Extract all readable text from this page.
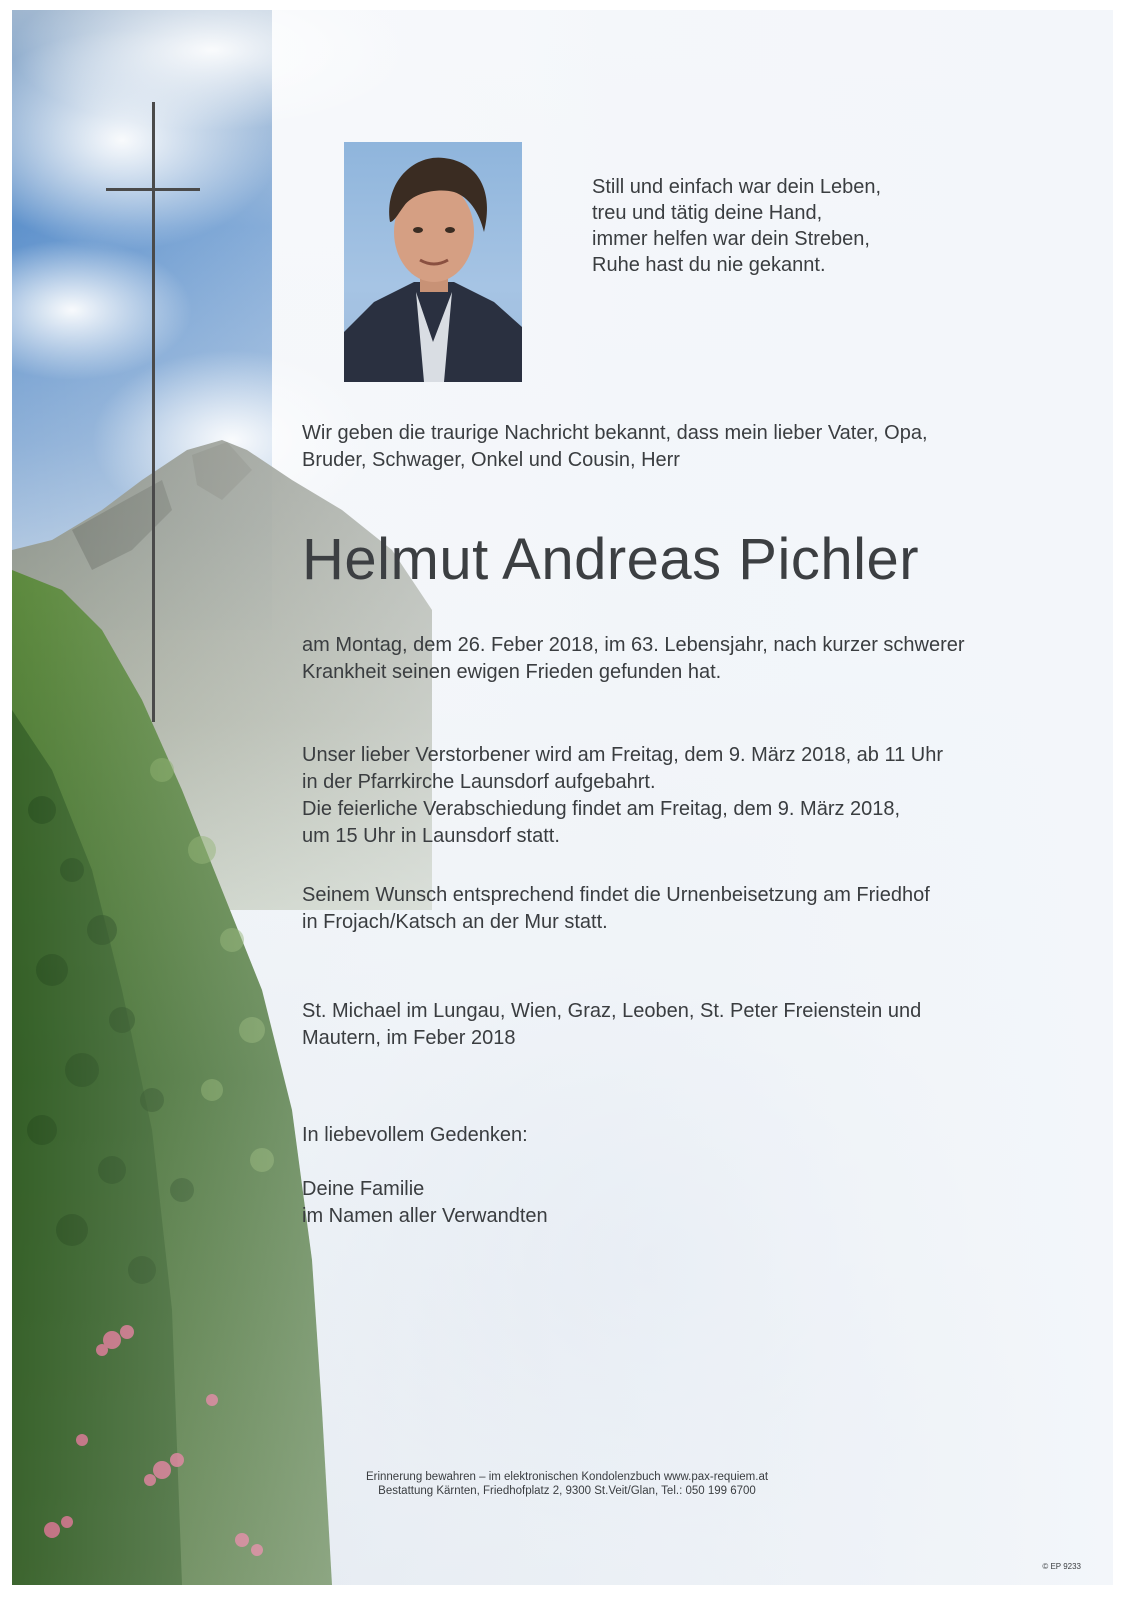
Still und einfach war dein Leben,
treu und tätig deine Hand,
immer helfen war dein Streben,
Ruhe hast du nie gekannt.
Wir geben die traurige Nachricht bekannt, dass mein lieber Vater, Opa,
Bruder, Schwager, Onkel und Cousin, Herr
Helmut Andreas Pichler
am Montag, dem 26. Feber 2018, im 63. Lebensjahr, nach kurzer schwerer
Krankheit seinen ewigen Frieden gefunden hat.
Unser lieber Verstorbener wird am Freitag, dem 9. März 2018, ab 11 Uhr
in der Pfarrkirche Launsdorf aufgebahrt.
Die feierliche Verabschiedung findet am Freitag, dem 9. März 2018,
um 15 Uhr in Launsdorf statt.
Seinem Wunsch entsprechend findet die Urnenbeisetzung am Friedhof
in Frojach/Katsch an der Mur statt.
St. Michael im Lungau, Wien, Graz, Leoben, St. Peter Freienstein und
Mautern, im Feber 2018
In liebevollem Gedenken:
Deine Familie
im Namen aller Verwandten
Erinnerung bewahren – im elektronischen Kondolenzbuch www.pax-requiem.at
Bestattung Kärnten, Friedhofplatz 2, 9300 St.Veit/Glan, Tel.: 050 199 6700
© EP 9233
